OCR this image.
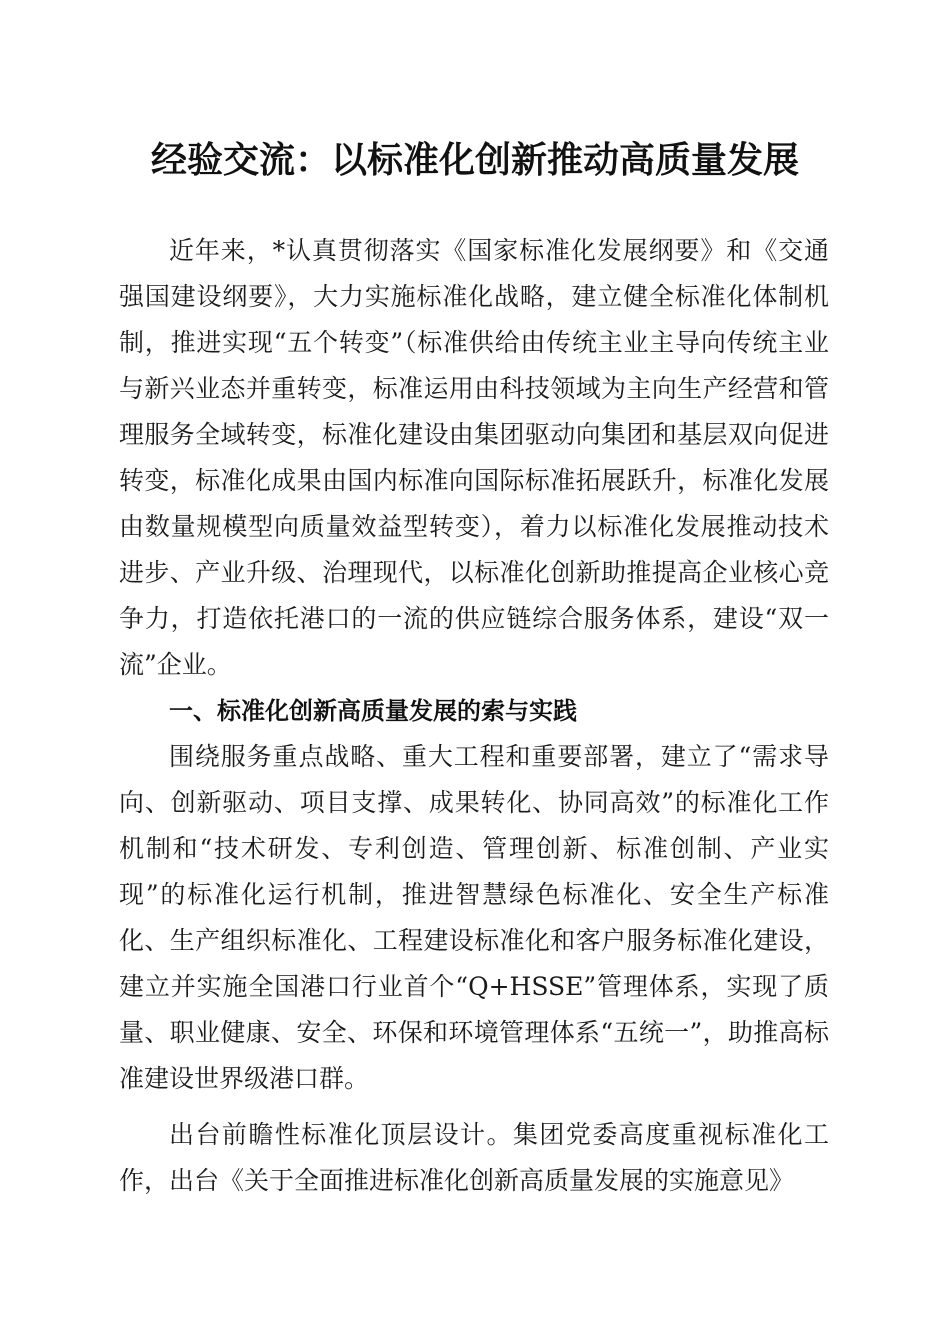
经验交流：以标准化创新推动高质量发展

近年来，*认真贯彻落实《国家标准化发展纲要》和《交通强国建设纲要》，大力实施标准化战略，建立健全标准化体制机制，推进实现“五个转变”（标准供给由传统主业主导向传统主业与新兴业态并重转变，标准运用由科技领域为主向生产经营和管理服务全域转变，标准化建设由集团驱动向集团和基层双向促进转变，标准化成果由国内标准向国际标准拓展跃升，标准化发展由数量规模型向质量效益型转变），着力以标准化发展推动技术进步、产业升级、治理现代，以标准化创新助推提高企业核心竞争力，打造依托港口的一流的供应链综合服务体系，建设“双一流”企业。

一、标准化创新高质量发展的索与实践

围绕服务重点战略、重大工程和重要部署，建立了“需求导向、创新驱动、项目支撑、成果转化、协同高效”的标准化工作机制和“技术研发、专利创造、管理创新、标准创制、产业实现”的标准化运行机制，推进智慧绿色标准化、安全生产标准化、生产组织标准化、工程建设标准化和客户服务标准化建设，建立并实施全国港口行业首个“Q+HSSE”管理体系，实现了质量、职业健康、安全、环保和环境管理体系“五统一”，助推高标准建设世界级港口群。

出台前瞻性标准化顶层设计。集团党委高度重视标准化工作，出台《关于全面推进标准化创新高质量发展的实施意见》
